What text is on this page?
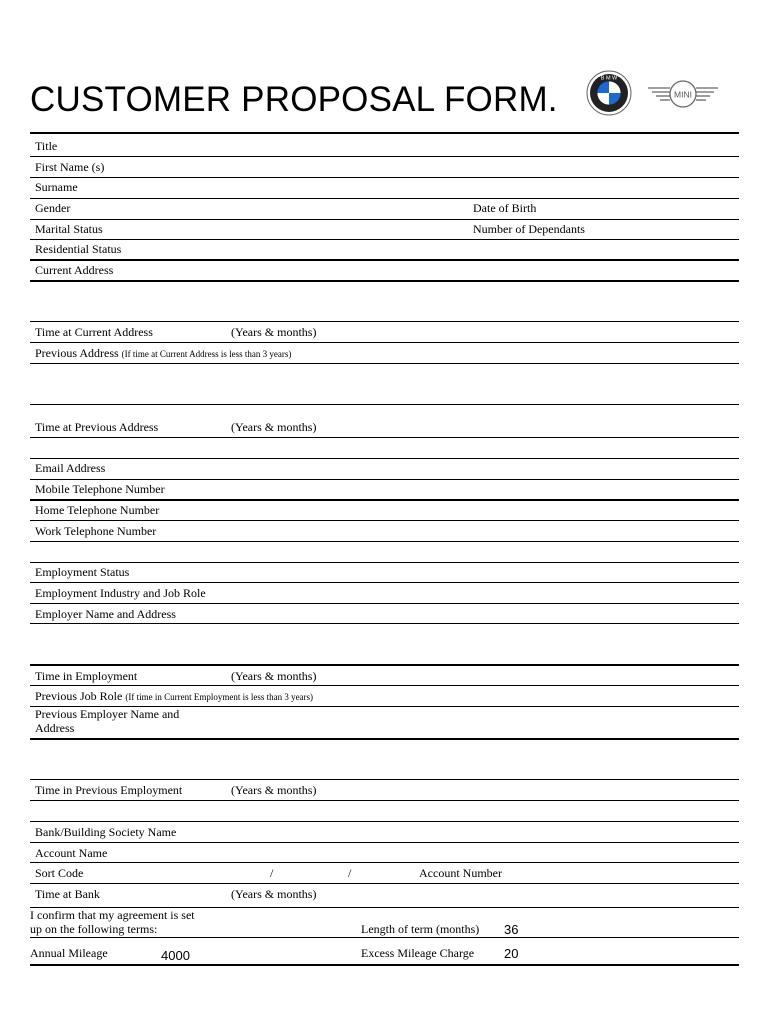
CUSTOMER PROPOSAL FORM.
B M W
MINI
Title
First Name (s)
Surname
Gender	Date of Birth
Marital Status	Number of Dependants
Residential Status
Current Address
Time at Current Address	(Years & months)
Previous Address (If time at Current Address is less than 3 years)
Time at Previous Address	(Years & months)
Email Address
Mobile Telephone Number
Home Telephone Number
Work Telephone Number
Employment Status
Employment Industry and Job Role
Employer Name and Address
Time in Employment	(Years & months)
Previous Job Role (If time in Current Employment is less than 3 years)
Previous Employer Name and
Address
Time in Previous Employment	(Years & months)
Bank/Building Society Name
Account Name
Sort Code	/	/	Account Number
Time at Bank	(Years & months)
I confirm that my agreement is set
up on the following terms:	Length of term (months) 36
Annual Mileage	4000	Excess Mileage Charge 20
